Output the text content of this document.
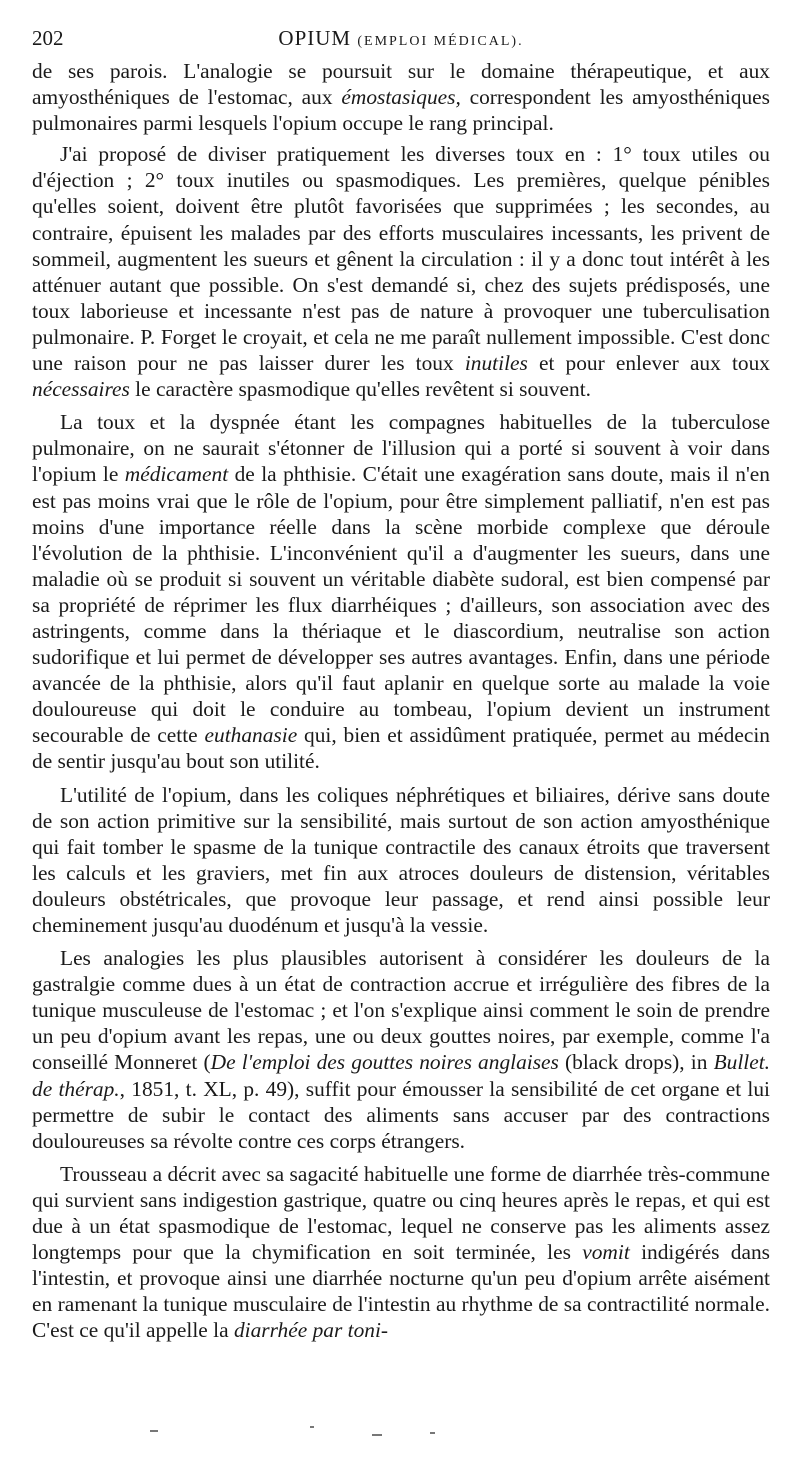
202	OPIUM (EMPLOI MÉDICAL).

de ses parois. L'analogie se poursuit sur le domaine thérapeutique, et aux amyosthéniques de l'estomac, aux émostasiques, correspondent les amyosthéniques pulmonaires parmi lesquels l'opium occupe le rang principal.

J'ai proposé de diviser pratiquement les diverses toux en : 1° toux utiles ou d'éjection ; 2° toux inutiles ou spasmodiques. Les premières, quelque pénibles qu'elles soient, doivent être plutôt favorisées que supprimées ; les secondes, au contraire, épuisent les malades par des efforts musculaires incessants, les privent de sommeil, augmentent les sueurs et gênent la circulation : il y a donc tout intérêt à les atténuer autant que possible. On s'est demandé si, chez des sujets prédisposés, une toux laborieuse et incessante n'est pas de nature à provoquer une tuberculisation pulmonaire. P. Forget le croyait, et cela ne me paraît nullement impossible. C'est donc une raison pour ne pas laisser durer les toux inutiles et pour enlever aux toux nécessaires le caractère spasmodique qu'elles revêtent si souvent.

La toux et la dyspnée étant les compagnes habituelles de la tuberculose pulmonaire, on ne saurait s'étonner de l'illusion qui a porté si souvent à voir dans l'opium le médicament de la phthisie. C'était une exagération sans doute, mais il n'en est pas moins vrai que le rôle de l'opium, pour être simplement palliatif, n'en est pas moins d'une importance réelle dans la scène morbide complexe que déroule l'évolution de la phthisie. L'inconvénient qu'il a d'augmenter les sueurs, dans une maladie où se produit si souvent un véritable diabète sudoral, est bien compensé par sa propriété de réprimer les flux diarrhéiques ; d'ailleurs, son association avec des astringents, comme dans la thériaque et le diascordium, neutralise son action sudorifique et lui permet de développer ses autres avantages. Enfin, dans une période avancée de la phthisie, alors qu'il faut aplanir en quelque sorte au malade la voie douloureuse qui doit le conduire au tombeau, l'opium devient un instrument secourable de cette euthanasie qui, bien et assidûment pratiquée, permet au médecin de sentir jusqu'au bout son utilité.

L'utilité de l'opium, dans les coliques néphrétiques et biliaires, dérive sans doute de son action primitive sur la sensibilité, mais surtout de son action amyosthénique qui fait tomber le spasme de la tunique contractile des canaux étroits que traversent les calculs et les graviers, met fin aux atroces douleurs de distension, véritables douleurs obstétricales, que provoque leur passage, et rend ainsi possible leur cheminement jusqu'au duodénum et jusqu'à la vessie.

Les analogies les plus plausibles autorisent à considérer les douleurs de la gastralgie comme dues à un état de contraction accrue et irrégulière des fibres de la tunique musculeuse de l'estomac ; et l'on s'explique ainsi comment le soin de prendre un peu d'opium avant les repas, une ou deux gouttes noires, par exemple, comme l'a conseillé Monneret (De l'emploi des gouttes noires anglaises (black drops), in Bullet. de thérap., 1851, t. XL, p. 49), suffit pour émousser la sensibilité de cet organe et lui permettre de subir le contact des aliments sans accuser par des contractions douloureuses sa révolte contre ces corps étrangers.

Trousseau a décrit avec sa sagacité habituelle une forme de diarrhée très-commune qui survient sans indigestion gastrique, quatre ou cinq heures après le repas, et qui est due à un état spasmodique de l'estomac, lequel ne conserve pas les aliments assez longtemps pour que la chymification en soit terminée, les vomit indigérés dans l'intestin, et provoque ainsi une diarrhée nocturne qu'un peu d'opium arrête aisément en ramenant la tunique musculaire de l'intestin au rhythme de sa contractilité normale. C'est ce qu'il appelle la diarrhée par toni-
